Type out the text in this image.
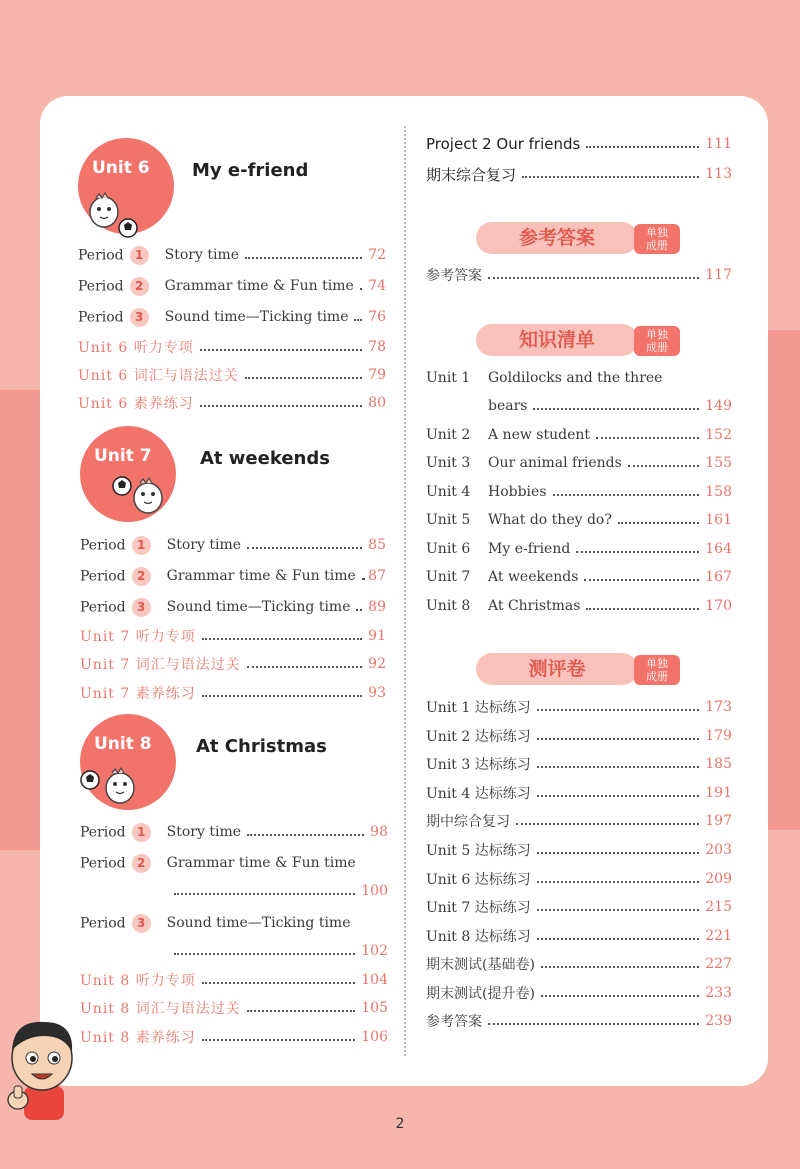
Unit 6 My e-friend
Period 1 Story time	72
Period 2 Grammar time & Fun time 74
Period 3 Sound time—Ticking time 76
Unit 6 听力专项	78
Unit 6 词汇与语法过关	79
Unit 6 素养练习	80
Unit 7	At weekends
Period 1 Story time	85
Period 2 Grammar time & Fun time 87
Period 3 Sound time—Ticking time 89
Unit 7 听力专项	91
Unit 7 词汇与语法过关	92
Unit 7 素养练习	93
Unit 8 At Christmas
Period 1 Story time	98
Period 2 Grammar time & Fun time
100
Period 3 Sound time—Ticking time
102
Unit 8 听力专项	104
Unit 8 词汇与语法过关	105
Unit 8 素养练习	106
Project 2 Our friends	111
期末综合复习	113
参考答案	单独
成册
参考答案	117
知识清单	单独
成册
Unit 1	Goldilocks and the three
bears	149
Unit 2	A new student	152
Unit 3	Our animal friends	155
Unit 4	Hobbies	158
Unit 5	What do they do?	161
Unit 6	My e-friend	164
Unit 7	At weekends	167
Unit 8	At Christmas	170
测评卷	单独
成册
Unit 1 达标练习	173
Unit 2 达标练习	179
Unit 3 达标练习	185
Unit 4 达标练习	191
期中综合复习	197
Unit 5 达标练习	203
Unit 6 达标练习	209
Unit 7 达标练习	215
Unit 8 达标练习	221
期末测试(基础卷)	227
期末测试(提升卷)	233
参考答案	239
2
